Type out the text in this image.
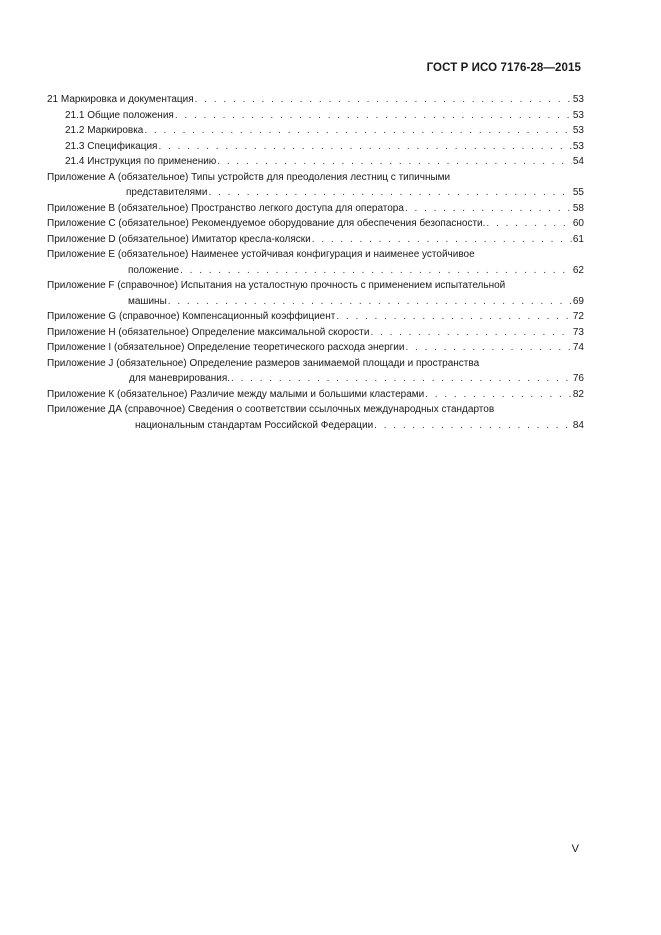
ГОСТ Р ИСО 7176-28—2015
21 Маркировка и документация . . .	53
21.1 Общие положения . . .	53
21.2 Маркировка . . .	53
21.3 Спецификация . . .	53
21.4 Инструкция по применению . . .	54
Приложение А (обязательное) Типы устройств для преодоления лестниц с типичными
представителями . . .	55
Приложение В (обязательное) Пространство легкого доступа для оператора . . .	58
Приложение С (обязательное) Рекомендуемое оборудование для обеспечения безопасности. . . .	60
Приложение D (обязательное) Имитатор кресла-коляски . . .	61
Приложение Е (обязательное) Наименее устойчивая конфигурация и наименее устойчивое
положение . . .	62
Приложение F (справочное) Испытания на усталостную прочность с применением испытательной
машины . . .	69
Приложение G (справочное) Компенсационный коэффициент . . .	72
Приложение Н (обязательное) Определение максимальной скорости . . .	73
Приложение I (обязательное) Определение теоретического расхода энергии . . .	74
Приложение J (обязательное) Определение размеров занимаемой площади и пространства
для маневрирования. . . .	76
Приложение К (обязательное) Различие между малыми и большими кластерами . . .	82
Приложение ДА (справочное) Сведения о соответствии ссылочных международных стандартов
национальным стандартам Российской Федерации . . .	84
V
